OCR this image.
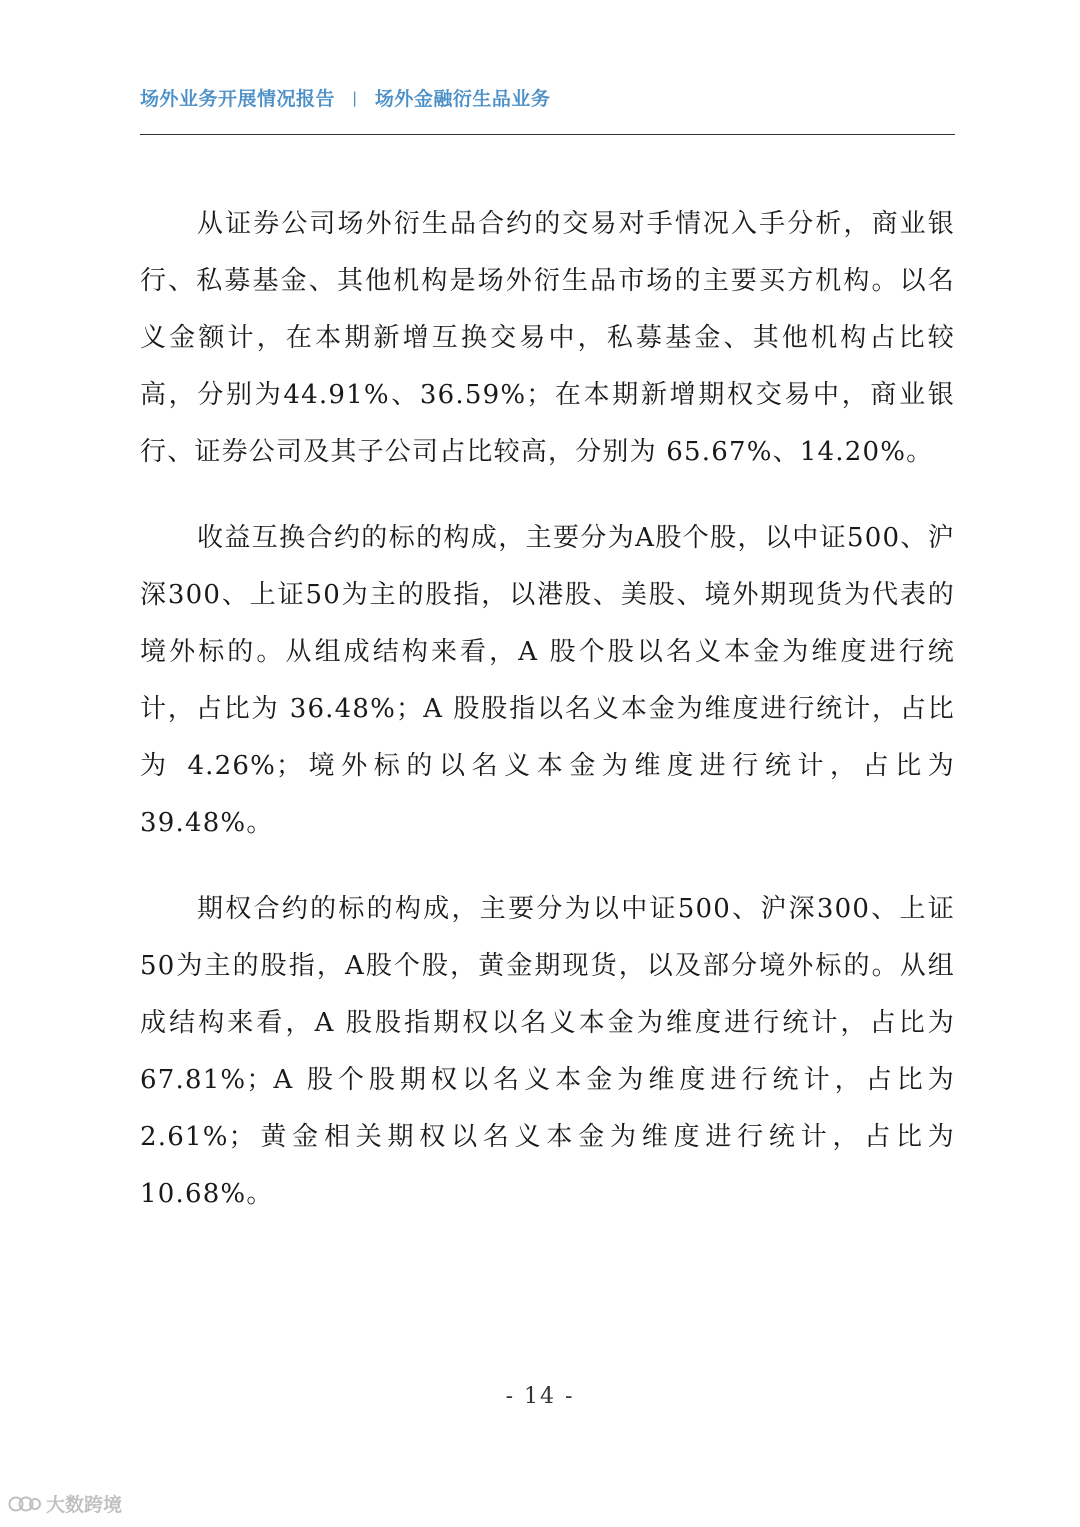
场外业务开展情况报告 | 场外金融衍生品业务

从证券公司场外衍生品合约的交易对手情况入手分析，商业银行、私募基金、其他机构是场外衍生品市场的主要买方机构。以名义金额计，在本期新增互换交易中，私募基金、其他机构占比较高，分别为44.91%、36.59%；在本期新增期权交易中，商业银行、证券公司及其子公司占比较高，分别为 65.67%、14.20%。

收益互换合约的标的构成，主要分为A股个股，以中证500、沪深300、上证50为主的股指，以港股、美股、境外期现货为代表的境外标的。从组成结构来看，A 股个股以名义本金为维度进行统计，占比为 36.48%；A 股股指以名义本金为维度进行统计，占比为 4.26%；境外标的以名义本金为维度进行统计，占比为39.48%。

期权合约的标的构成，主要分为以中证500、沪深300、上证50为主的股指，A股个股，黄金期现货，以及部分境外标的。从组成结构来看，A 股股指期权以名义本金为维度进行统计，占比为 67.81%；A 股个股期权以名义本金为维度进行统计，占比为2.61%；黄金相关期权以名义本金为维度进行统计，占比为10.68%。

- 14 -
大数跨境
